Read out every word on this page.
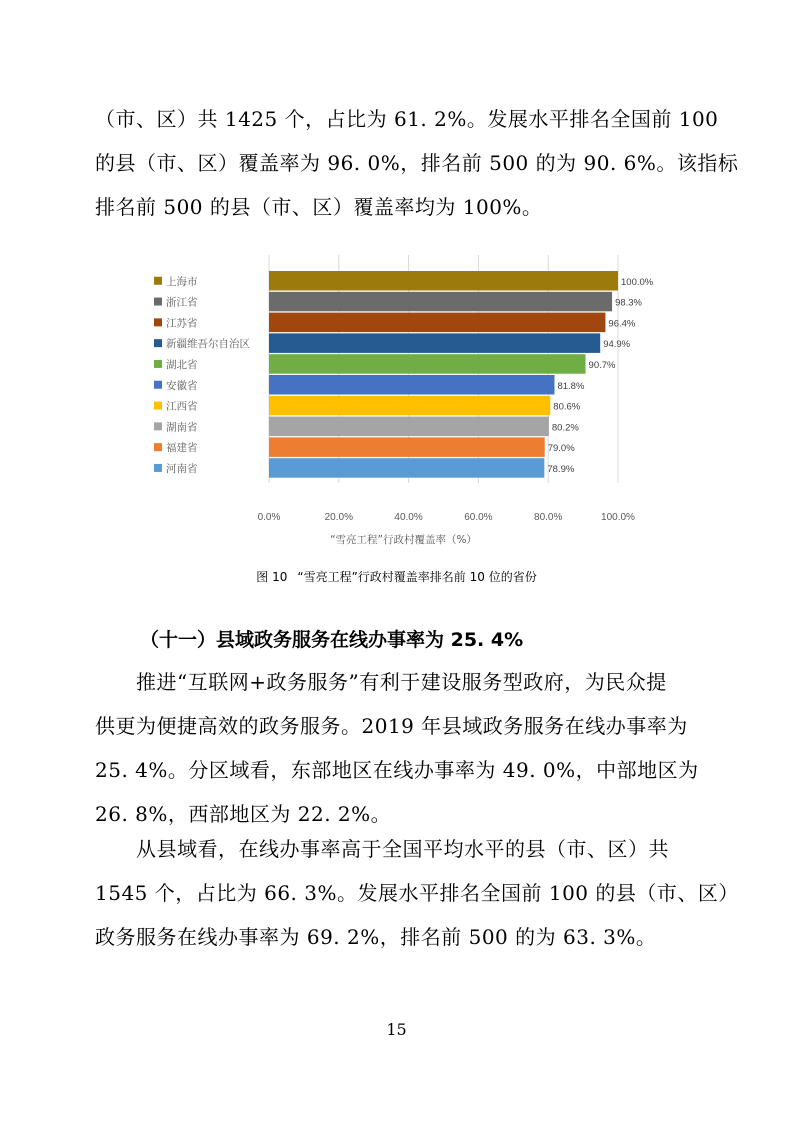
（市、区）共 1425 个，占比为 61. 2%。发展水平排名全国前 100

的县（市、区）覆盖率为 96. 0%，排名前 500 的为 90. 6%。该指标

排名前 500 的县（市、区）覆盖率均为 100%。

0.0%	20.0%	40.0%	60.0%	80.0%	100.0%
100.0%
上海市
98.3%
浙江省
96.4%
江苏省
94.9%
新疆维吾尔自治区
90.7%
湖北省
81.8%
安徽省
80.6%
江西省
80.2%
湖南省
79.0%
福建省
78.9%
河南省
“雪亮工程”行政村覆盖率（%）

图 10 “雪亮工程”行政村覆盖率排名前 10 位的省份

（十一）县域政务服务在线办事率为 25. 4%

　　推进“互联网+政务服务”有利于建设服务型政府，为民众提

供更为便捷高效的政务服务。2019 年县域政务服务在线办事率为

25. 4%。分区域看，东部地区在线办事率为 49. 0%，中部地区为

26. 8%，西部地区为 22. 2%。

　　从县域看，在线办事率高于全国平均水平的县（市、区）共

1545 个，占比为 66. 3%。发展水平排名全国前 100 的县（市、区）

政务服务在线办事率为 69. 2%，排名前 500 的为 63. 3%。

15
